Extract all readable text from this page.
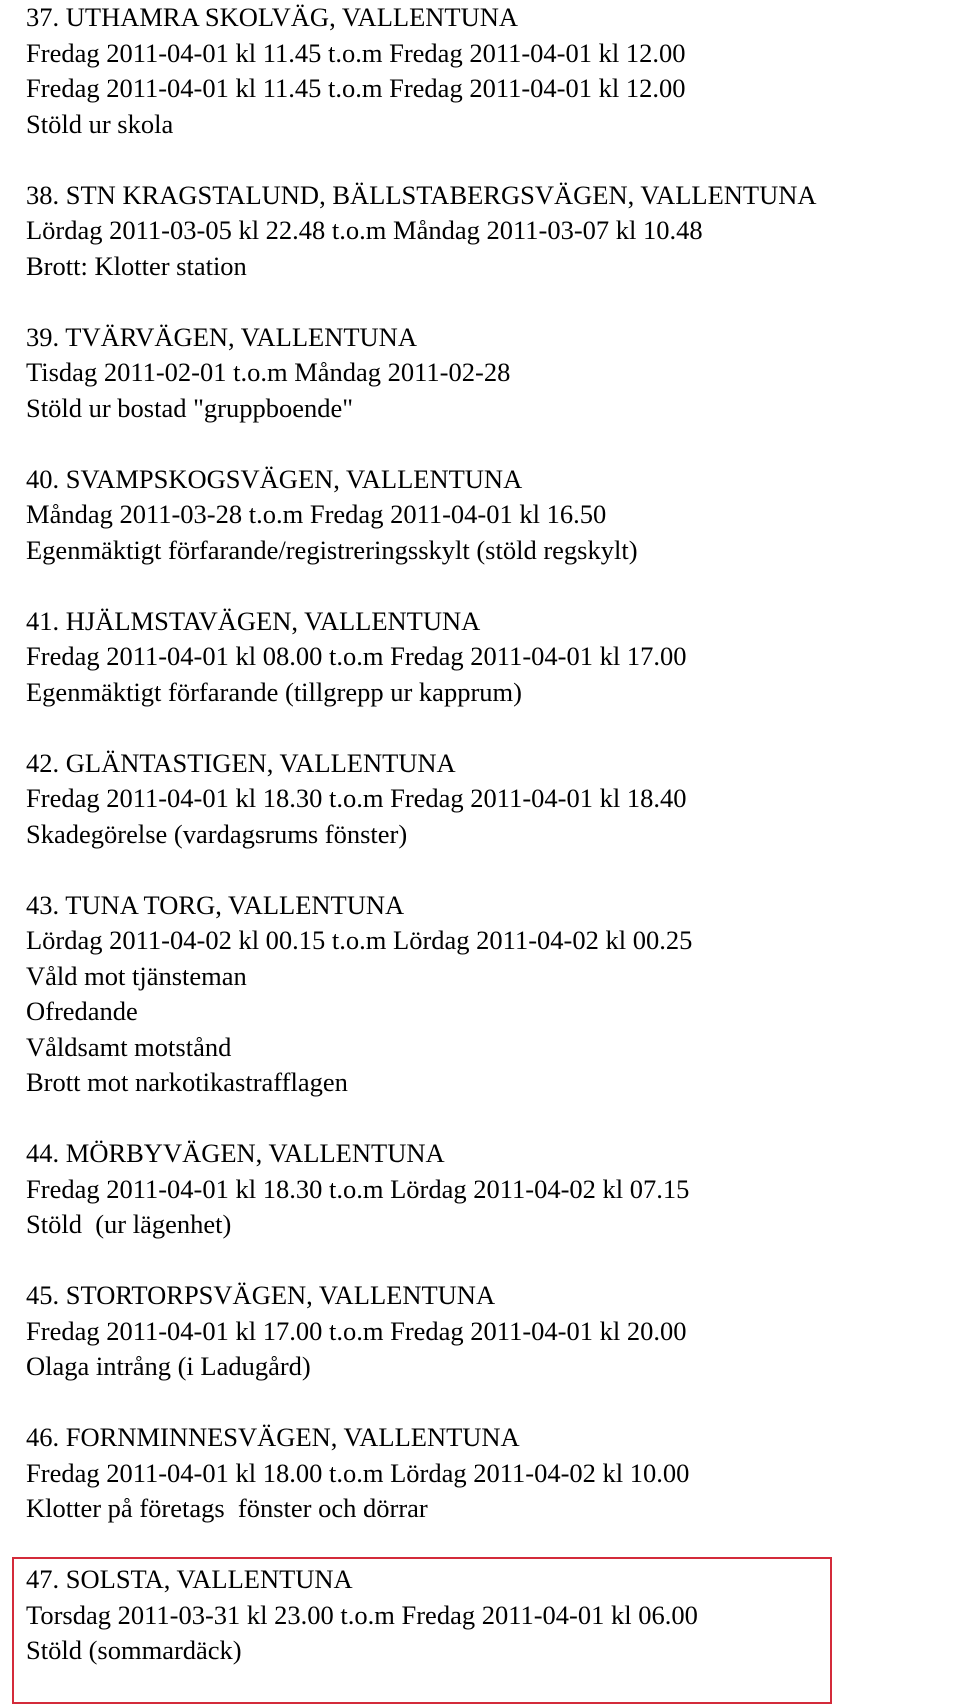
37. UTHAMRA SKOLVÄG, VALLENTUNA
Fredag 2011-04-01 kl 11.45 t.o.m Fredag 2011-04-01 kl 12.00
Fredag 2011-04-01 kl 11.45 t.o.m Fredag 2011-04-01 kl 12.00
Stöld ur skola
38. STN KRAGSTALUND, BÄLLSTABERGSVÄGEN, VALLENTUNA
Lördag 2011-03-05 kl 22.48 t.o.m Måndag 2011-03-07 kl 10.48
Brott: Klotter station
39. TVÄRVÄGEN, VALLENTUNA
Tisdag 2011-02-01 t.o.m Måndag 2011-02-28
Stöld ur bostad "gruppboende"
40. SVAMPSKOGSVÄGEN, VALLENTUNA
Måndag 2011-03-28 t.o.m Fredag 2011-04-01 kl 16.50
Egenmäktigt förfarande/registreringsskylt (stöld regskylt)
41. HJÄLMSTAVÄGEN, VALLENTUNA
Fredag 2011-04-01 kl 08.00 t.o.m Fredag 2011-04-01 kl 17.00
Egenmäktigt förfarande (tillgrepp ur kapprum)
42. GLÄNTASTIGEN, VALLENTUNA
Fredag 2011-04-01 kl 18.30 t.o.m Fredag 2011-04-01 kl 18.40
Skadegörelse (vardagsrums fönster)
43. TUNA TORG, VALLENTUNA
Lördag 2011-04-02 kl 00.15 t.o.m Lördag 2011-04-02 kl 00.25
Våld mot tjänsteman
Ofredande
Våldsamt motstånd
Brott mot narkotikastrafflagen
44. MÖRBYVÄGEN, VALLENTUNA
Fredag 2011-04-01 kl 18.30 t.o.m Lördag 2011-04-02 kl 07.15
Stöld  (ur lägenhet)
45. STORTORPSVÄGEN, VALLENTUNA
Fredag 2011-04-01 kl 17.00 t.o.m Fredag 2011-04-01 kl 20.00
Olaga intrång (i Ladugård)
46. FORNMINNESVÄGEN, VALLENTUNA
Fredag 2011-04-01 kl 18.00 t.o.m Lördag 2011-04-02 kl 10.00
Klotter på företags  fönster och dörrar
47. SOLSTA, VALLENTUNA
Torsdag 2011-03-31 kl 23.00 t.o.m Fredag 2011-04-01 kl 06.00
Stöld (sommardäck)
